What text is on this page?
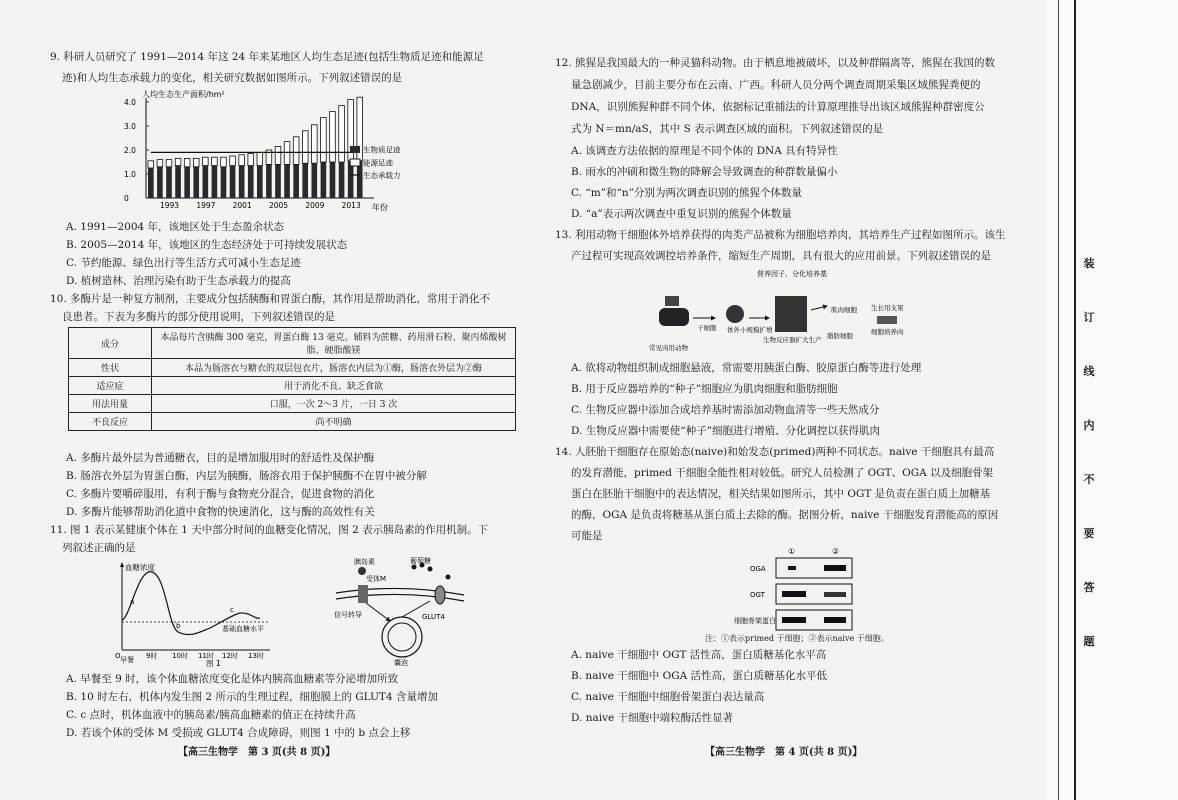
9. 科研人员研究了 1991—2014 年这 24 年来某地区人均生态足迹(包括生物质足迹和能源足
迹)和人均生态承载力的变化，相关研究数据如图所示。下列叙述错误的是
人均生态生产面积/hm²
年份
4.0
3.0
2.0
1.0
0
1993 1997 2001 2005 2009 2013
生物质足迹
能源足迹
生态承载力
A. 1991—2004 年，该地区处于生态盈余状态
B. 2005—2014 年，该地区的生态经济处于可持续发展状态
C. 节约能源、绿色出行等生活方式可减小生态足迹
D. 植树造林、治理污染有助于生态承载力的提高
10. 多酶片是一种复方制剂，主要成分包括胰酶和胃蛋白酶，其作用是帮助消化，常用于消化不
良患者。下表为多酶片的部分使用说明，下列叙述错误的是
成分	本品每片含胰酶 300 毫克，胃蛋白酶 13 毫克。辅料为蔗糖、药用滑石粉、聚丙烯酸树
脂、硬脂酸镁
性状	本品为肠溶衣与糖衣的双层包衣片，肠溶衣内层为①酶，肠溶衣外层为②酶
适应症	用于消化不良、缺乏食欲
用法用量	口服，一次 2～3 片，一日 3 次
不良反应	尚不明确
A. 多酶片最外层为普通糖衣，目的是增加服用时的舒适性及保护酶
B. 肠溶衣外层为胃蛋白酶，内层为胰酶，肠溶衣用于保护胰酶不在胃中被分解
C. 多酶片要嚼碎服用，有利于酶与食物充分混合，促进食物的消化
D. 多酶片能够帮助消化道中食物的快速消化，这与酶的高效性有关
11. 图 1 表示某健康个体在 1 天中部分时间的血糖变化情况，图 2 表示胰岛素的作用机制。下
列叙述正确的是
血糖浓度
O
a
b
c
基础血糖水平
早餐 9时 10时 11时 12时 13时
图 1
胰岛素
受体M
葡萄糖
信号转导	GLUT4
囊泡
A. 早餐至 9 时，该个体血糖浓度变化是体内胰高血糖素等分泌增加所致
B. 10 时左右，机体内发生图 2 所示的生理过程，细胞膜上的 GLUT4 含量增加
C. c 点时，机体血液中的胰岛素/胰高血糖素的值正在持续升高
D. 若该个体的受体 M 受损或 GLUT4 合成障碍，则图 1 中的 b 点会上移
【高三生物学　第 3 页(共 8 页)】
12. 熊猩是我国最大的一种灵猫科动物。由于栖息地被破坏，以及种群隔离等，熊猩在我国的数
量急剧减少，目前主要分布在云南、广西。科研人员分两个调查周期采集区域熊猩粪便的
DNA，识别熊猩种群不同个体，依据标记重捕法的计算原理推导出该区域熊猩种群密度公
式为 N＝mn/aS，其中 S 表示调查区域的面积。下列叙述错误的是
A. 该调查方法依据的原理是不同个体的 DNA 具有特异性
B. 雨水的冲刷和微生物的降解会导致调查的种群数量偏小
C. “m”和“n”分别为两次调查识别的熊猩个体数量
D. “a”表示两次调查中重复识别的熊猩个体数量
13. 利用动物干细胞体外培养获得的肉类产品被称为细胞培养肉，其培养生产过程如图所示。该生
产过程可实现高效调控培养条件，缩短生产周期，具有很大的应用前景。下列叙述错误的是
营养因子、分化培养基
干细胞 体外小规模扩增
生物反应器扩大生产
肌肉细胞
脂肪细胞
生长用支架
细胞培养肉
常见肉用动物
A. 欲将动物组织制成细胞悬液，常需要用胰蛋白酶、胶原蛋白酶等进行处理
B. 用于反应器培养的“种子”细胞应为肌肉细胞和脂肪细胞
C. 生物反应器中添加合成培养基时需添加动物血清等一些天然成分
D. 生物反应器中需要使“种子”细胞进行增殖、分化调控以获得肌肉
14. 人胚胎干细胞存在原始态(naive)和始发态(primed)两种不同状态。naive 干细胞具有最高
的发育潜能，primed 干细胞全能性相对较低。研究人员检测了 OGT、OGA 以及细胞骨架
蛋白在胚胎干细胞中的表达情况，相关结果如图所示，其中 OGT 是负责在蛋白质上加糖基
的酶，OGA 是负责将糖基从蛋白质上去除的酶。据图分析，naive 干细胞发育潜能高的原因
可能是
①	②
OGA
OGT
细胞骨架蛋白
注：①表示primed 干细胞；②表示naive 干细胞。
A. naive 干细胞中 OGT 活性高，蛋白质糖基化水平高
B. naive 干细胞中 OGA 活性高，蛋白质糖基化水平低
C. naive 干细胞中细胞骨架蛋白表达量高
D. naive 干细胞中端粒酶活性显著
【高三生物学　第 4 页(共 8 页)】
装
订
线
内
不
要
答
题
